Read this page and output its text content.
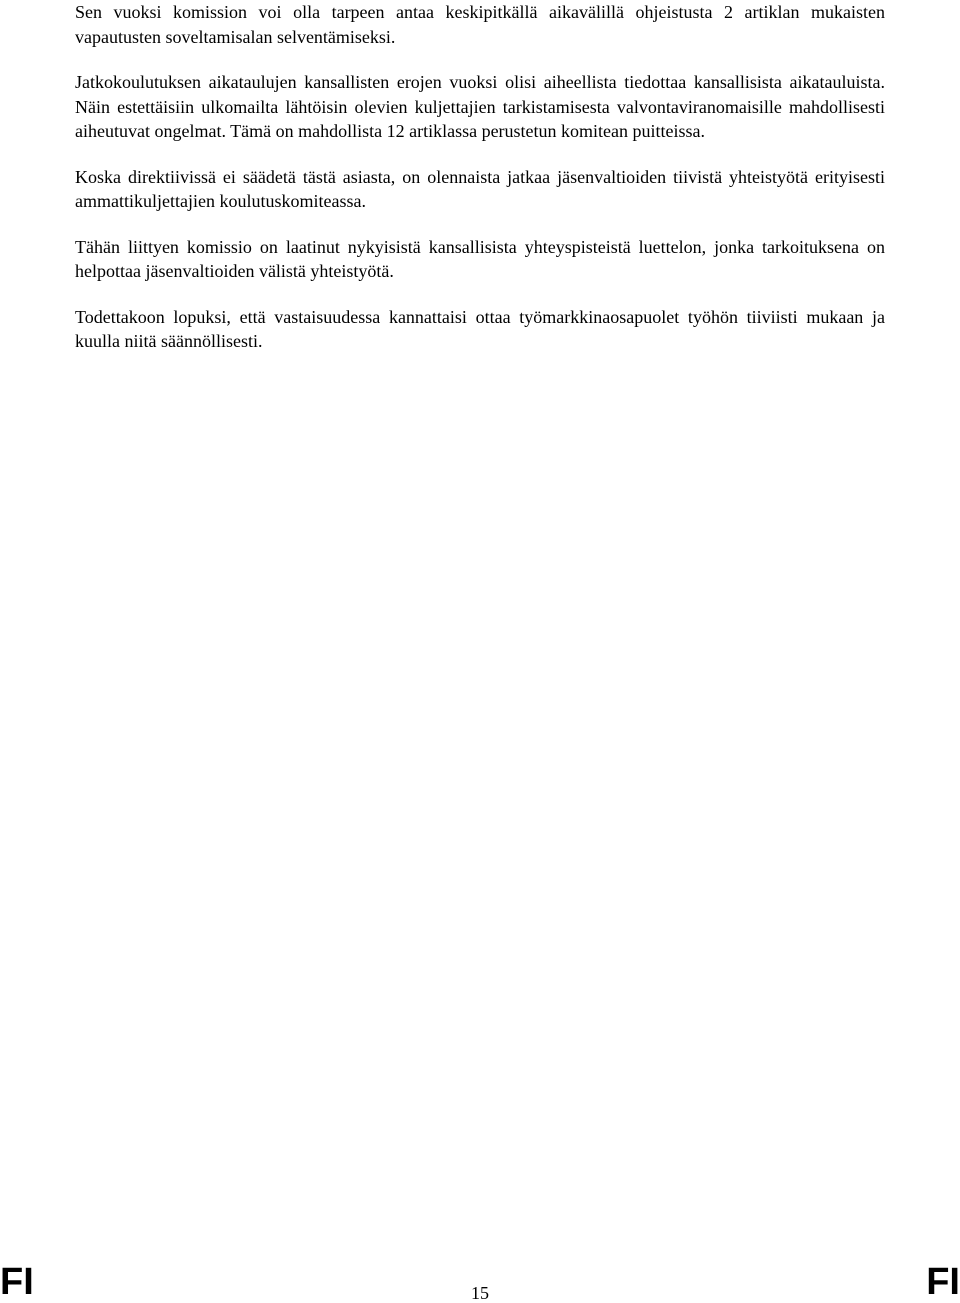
Sen vuoksi komission voi olla tarpeen antaa keskipitkällä aikavälillä ohjeistusta 2 artiklan mukaisten vapautusten soveltamisalan selventämiseksi.

Jatkokoulutuksen aikataulujen kansallisten erojen vuoksi olisi aiheellista tiedottaa kansallisista aikatauluista. Näin estettäisiin ulkomailta lähtöisin olevien kuljettajien tarkistamisesta valvontaviranomaisille mahdollisesti aiheutuvat ongelmat. Tämä on mahdollista 12 artiklassa perustetun komitean puitteissa.

Koska direktiivissä ei säädetä tästä asiasta, on olennaista jatkaa jäsenvaltioiden tiivistä yhteistyötä erityisesti ammattikuljettajien koulutuskomiteassa.

Tähän liittyen komissio on laatinut nykyisistä kansallisista yhteyspisteistä luettelon, jonka tarkoituksena on helpottaa jäsenvaltioiden välistä yhteistyötä.

Todettakoon lopuksi, että vastaisuudessa kannattaisi ottaa työmarkkinaosapuolet työhön tiiviisti mukaan ja kuulla niitä säännöllisesti.

FI	15	FI
